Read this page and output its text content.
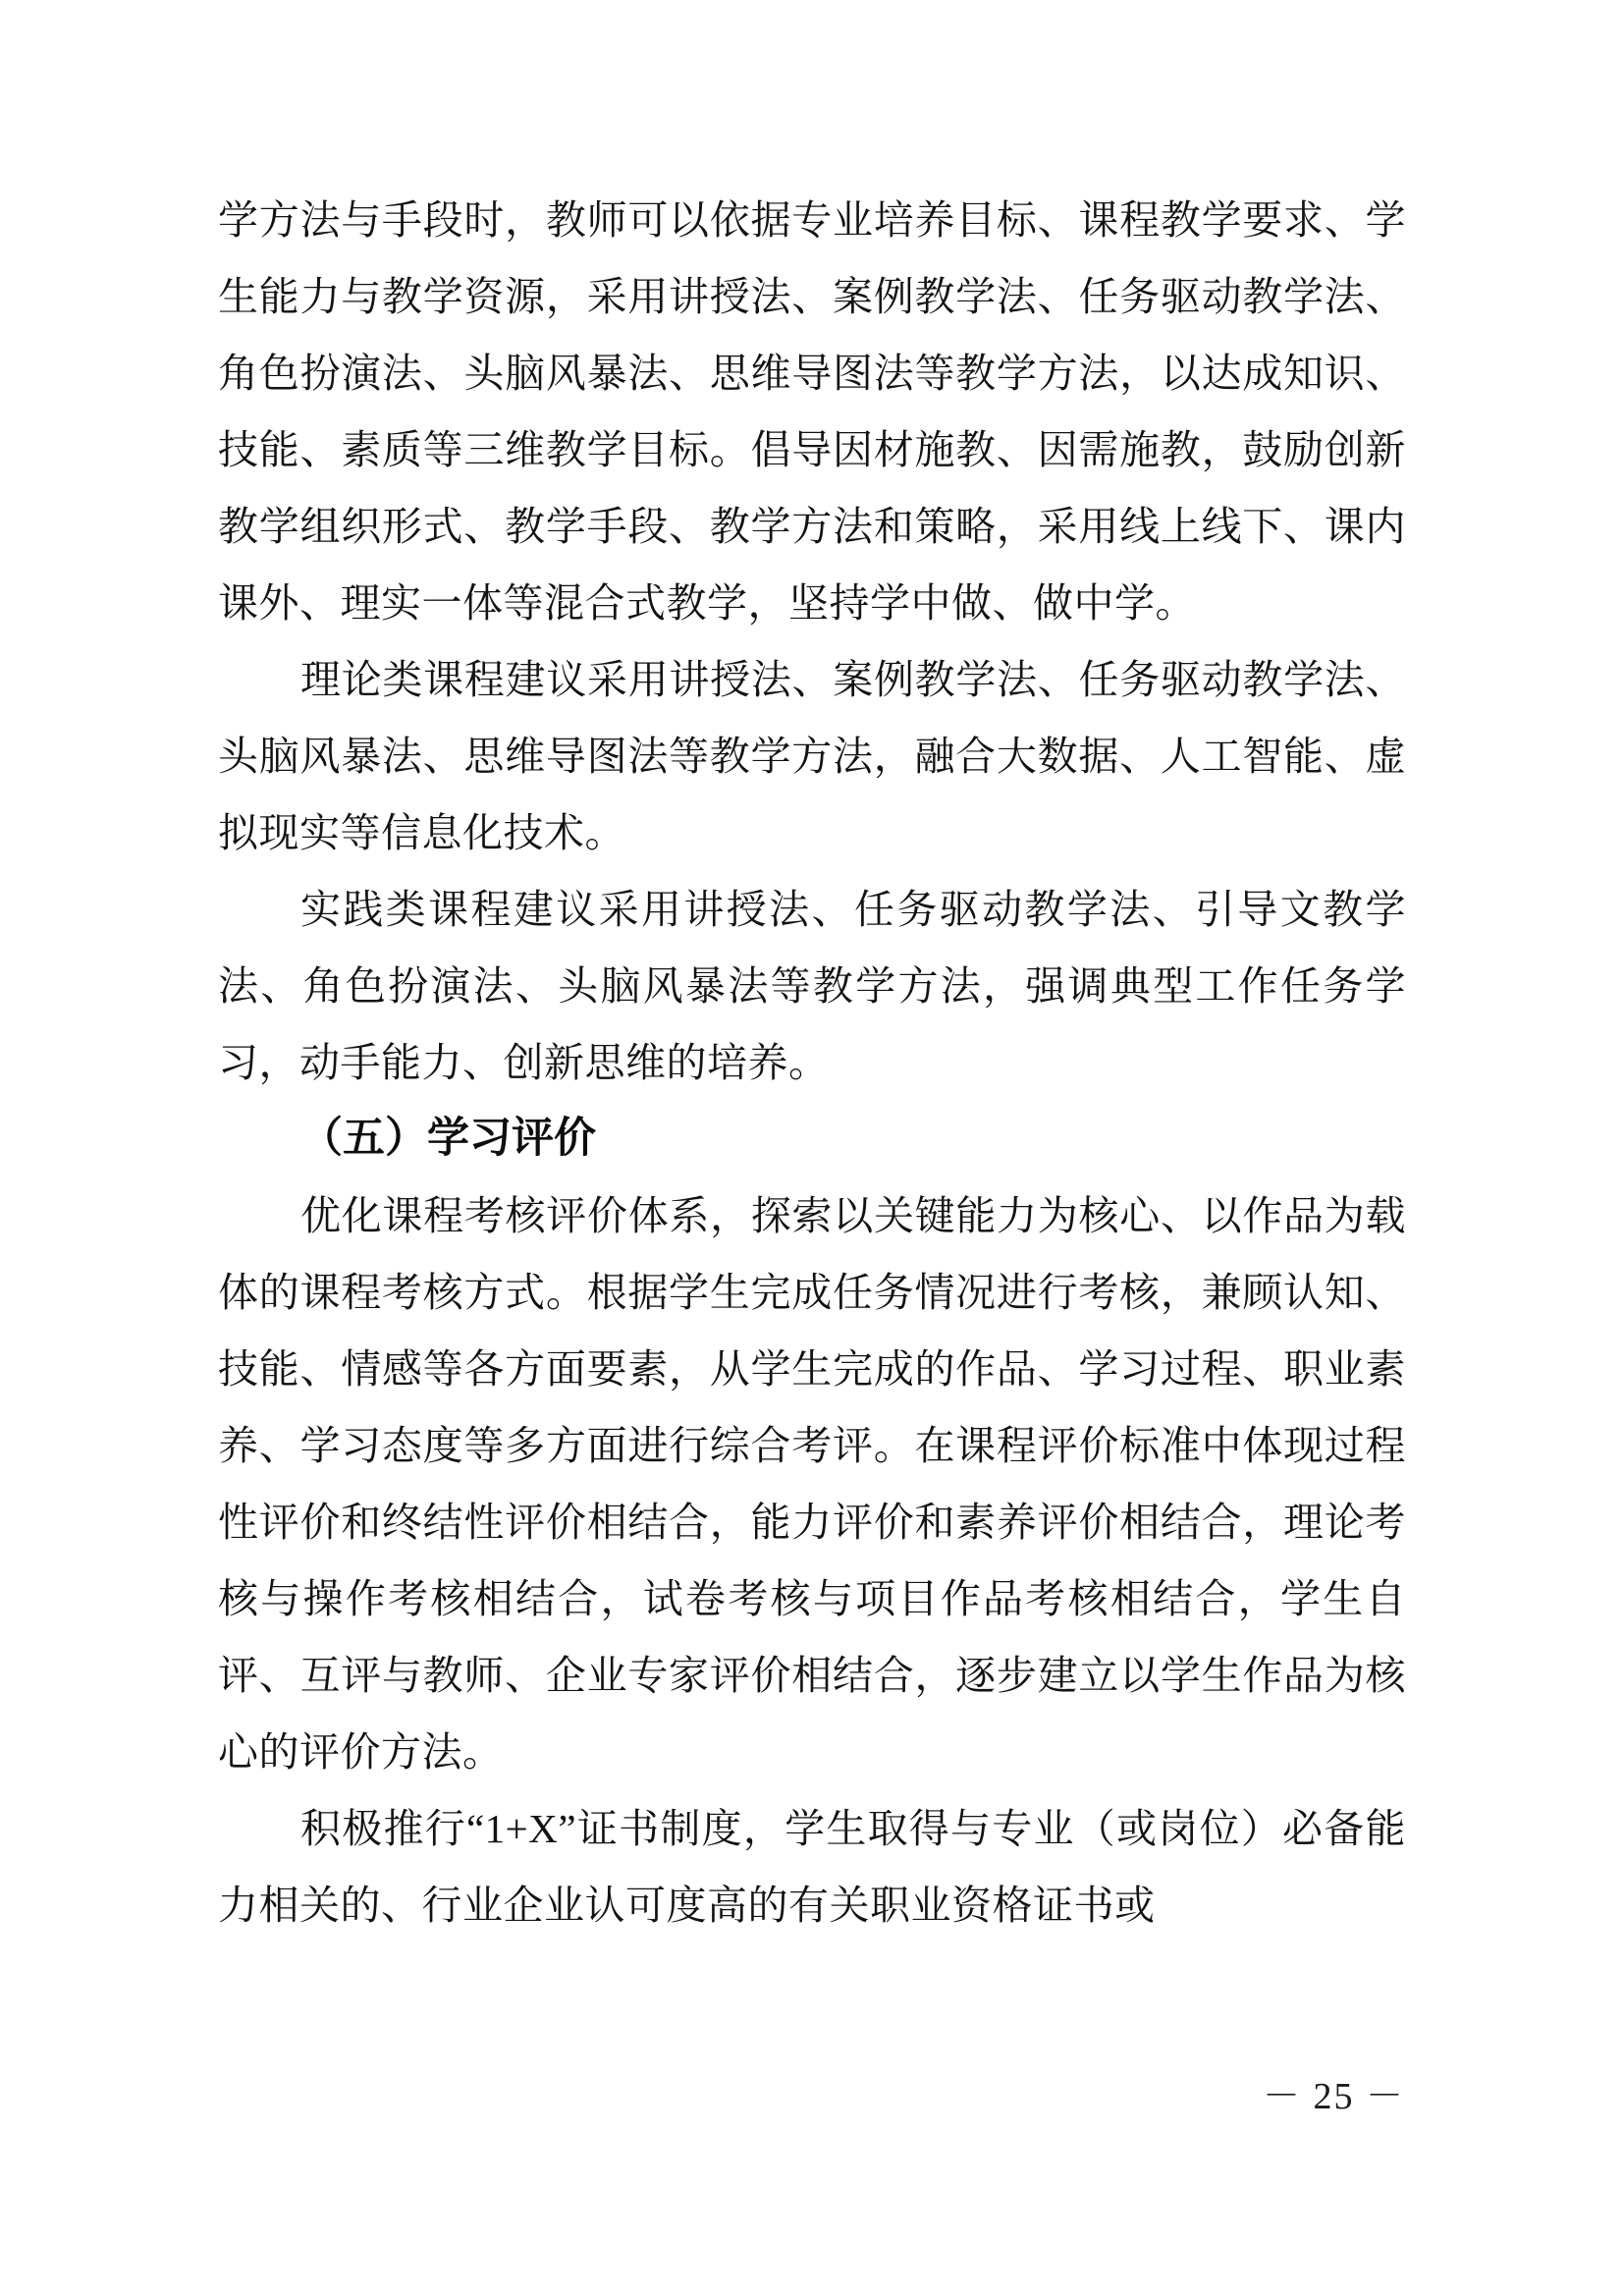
学方法与手段时，教师可以依据专业培养目标、课程教学要求、学生能力与教学资源，采用讲授法、案例教学法、任务驱动教学法、角色扮演法、头脑风暴法、思维导图法等教学方法，以达成知识、技能、素质等三维教学目标。倡导因材施教、因需施教，鼓励创新教学组织形式、教学手段、教学方法和策略，采用线上线下、课内课外、理实一体等混合式教学，坚持学中做、做中学。

理论类课程建议采用讲授法、案例教学法、任务驱动教学法、头脑风暴法、思维导图法等教学方法，融合大数据、人工智能、虚拟现实等信息化技术。

实践类课程建议采用讲授法、任务驱动教学法、引导文教学法、角色扮演法、头脑风暴法等教学方法，强调典型工作任务学习，动手能力、创新思维的培养。

（五）学习评价

优化课程考核评价体系，探索以关键能力为核心、以作品为载体的课程考核方式。根据学生完成任务情况进行考核，兼顾认知、技能、情感等各方面要素，从学生完成的作品、学习过程、职业素养、学习态度等多方面进行综合考评。在课程评价标准中体现过程性评价和终结性评价相结合，能力评价和素养评价相结合，理论考核与操作考核相结合，试卷考核与项目作品考核相结合，学生自评、互评与教师、企业专家评价相结合，逐步建立以学生作品为核心的评价方法。

积极推行“1+X”证书制度，学生取得与专业（或岗位）必备能力相关的、行业企业认可度高的有关职业资格证书或

－ 25 －
